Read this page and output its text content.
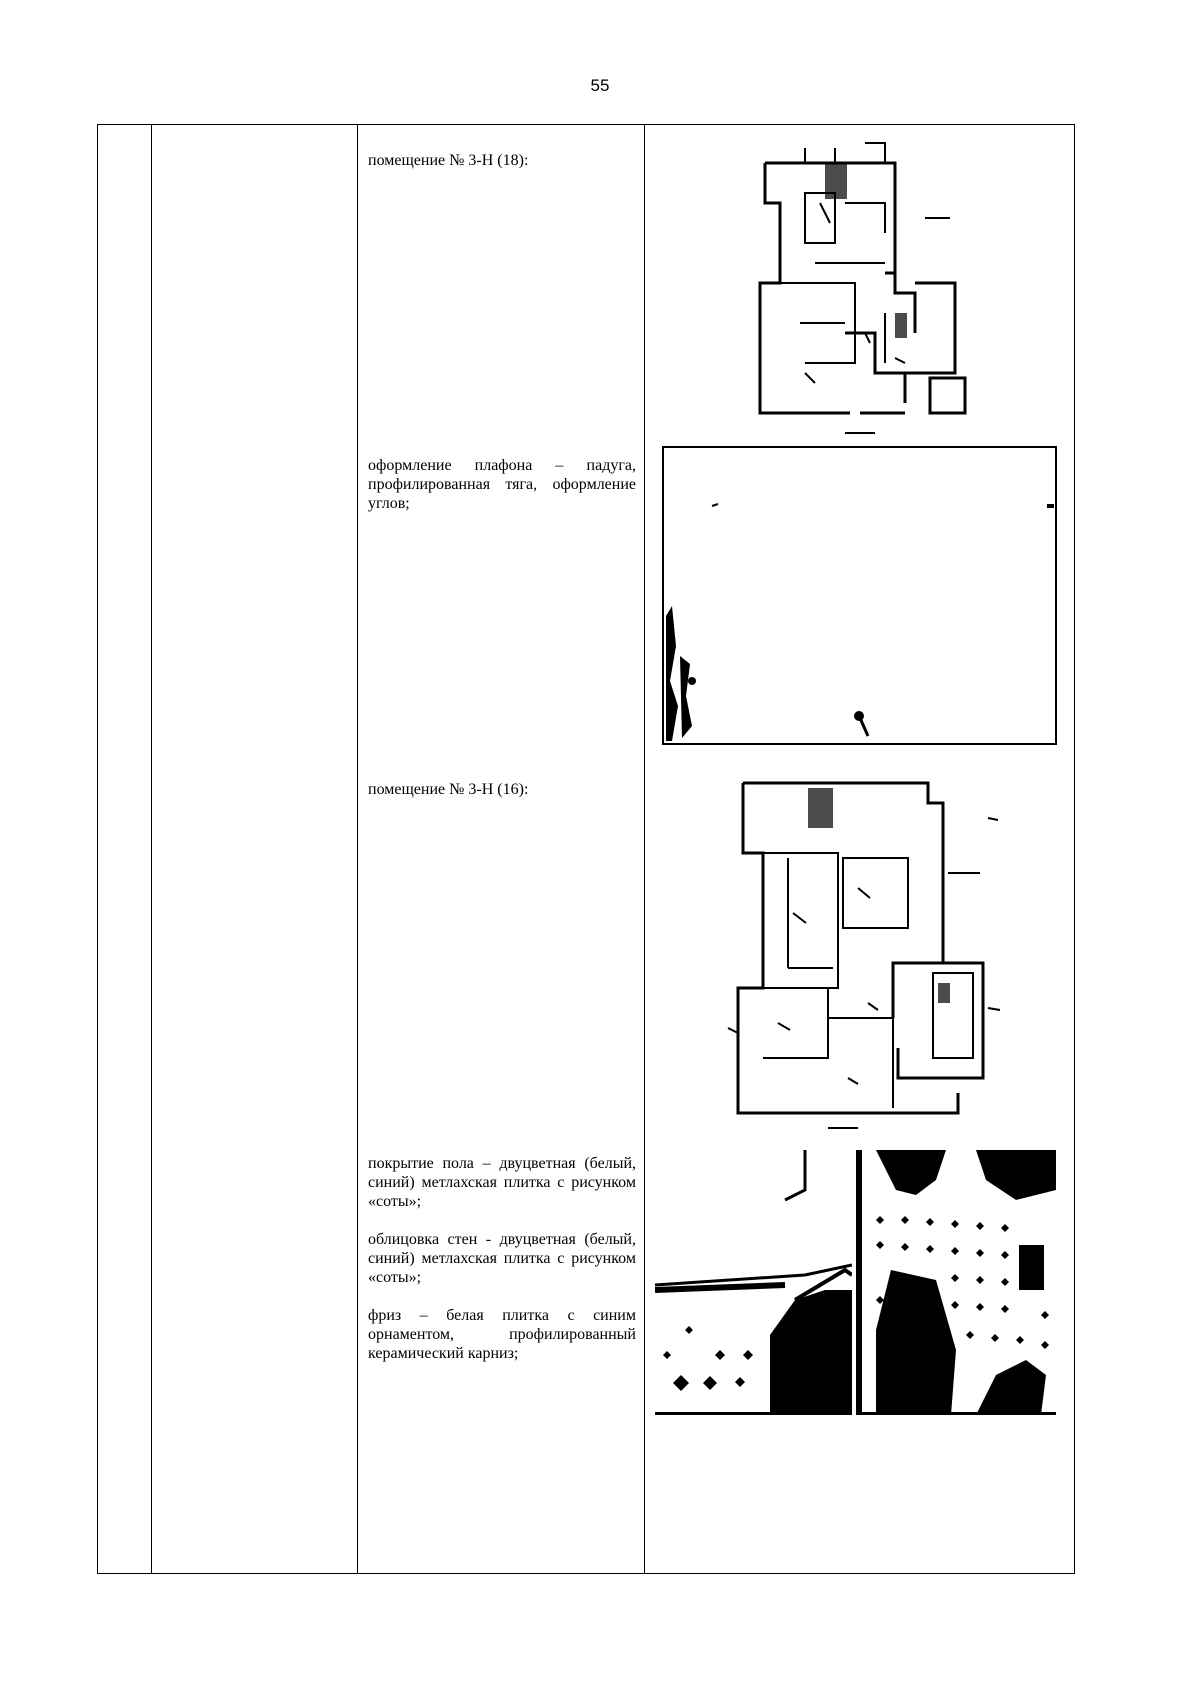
55
помещение № 3-Н (18):
оформление плафона – падуга, профилированная тяга, оформление углов;
помещение № 3-Н (16):

покрытие пола – двуцветная (белый, синий) метлахская плитка с рисунком «соты»;

облицовка стен - двуцветная (белый, синий) метлахская плитка с рисунком «соты»;

фриз – белая плитка с синим орнаментом, профилированный керамический карниз;
